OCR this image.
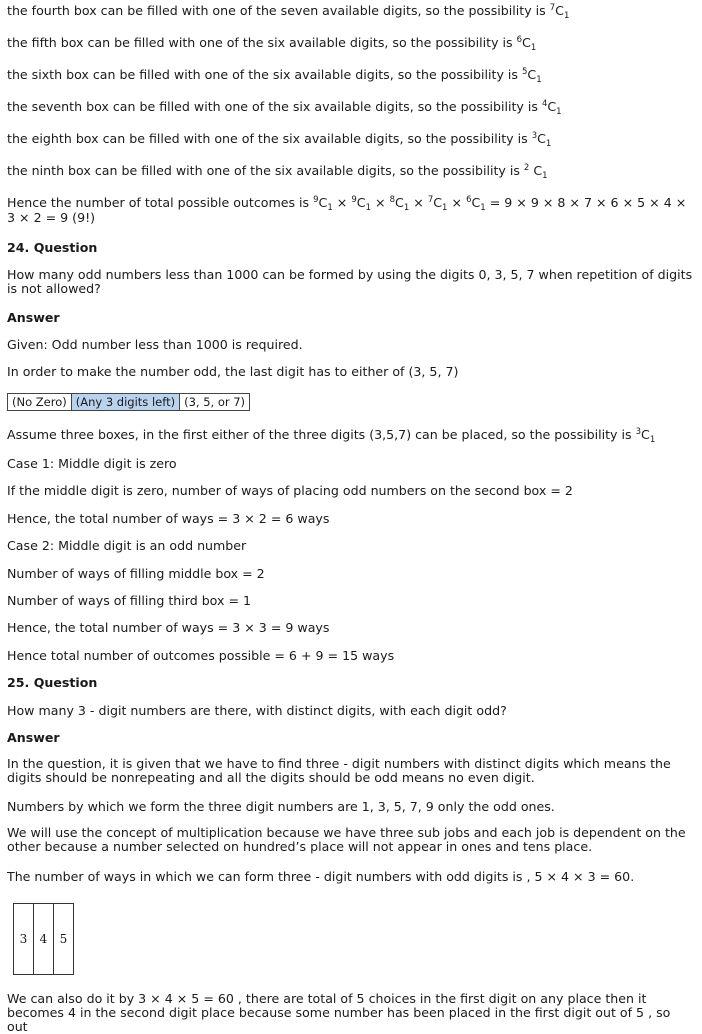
the fourth box can be filled with one of the seven available digits, so the possibility is $^7C_1$
the fifth box can be filled with one of the six available digits, so the possibility is $^6C_1$
the sixth box can be filled with one of the six available digits, so the possibility is $^5C_1$
the seventh box can be filled with one of the six available digits, so the possibility is $^4C_1$
the eighth box can be filled with one of the six available digits, so the possibility is $^3C_1$
the ninth box can be filled with one of the six available digits, so the possibility is $^2$ $C_1$
Hence the number of total possible outcomes is $^9C_1 \times ^9C_1 \times ^8C_1 \times ^7C_1 \times ^6C_1 = 9 \times 9 \times 8 \times 7 \times 6 \times 5 \times 4 \times 3 \times 2 = 9$ (9!)
24. Question
How many odd numbers less than 1000 can be formed by using the digits 0, 3, 5, 7 when repetition of digits is not allowed?
Answer
Given: Odd number less than 1000 is required.
In order to make the number odd, the last digit has to either of (3, 5, 7)
(No Zero) (Any 3 digits left) (3, 5, or 7)
Assume three boxes, in the first either of the three digits (3,5,7) can be placed, so the possibility is $^3C_1$
Case 1: Middle digit is zero
If the middle digit is zero, number of ways of placing odd numbers on the second box = 2
Hence, the total number of ways = 3 × 2 = 6 ways
Case 2: Middle digit is an odd number
Number of ways of filling middle box = 2
Number of ways of filling third box = 1
Hence, the total number of ways = 3 × 3 = 9 ways
Hence total number of outcomes possible = 6 + 9 = 15 ways
25. Question
How many 3 - digit numbers are there, with distinct digits, with each digit odd?
Answer
In the question, it is given that we have to find three - digit numbers with distinct digits which means the digits should be nonrepeating and all the digits should be odd means no even digit.
Numbers by which we form the three digit numbers are 1, 3, 5, 7, 9 only the odd ones.
We will use the concept of multiplication because we have three sub jobs and each job is dependent on the other because a number selected on hundred’s place will not appear in ones and tens place.
The number of ways in which we can form three - digit numbers with odd digits is , 5 × 4 × 3 = 60.
3	4	5
We can also do it by 3 × 4 × 5 = 60 , there are total of 5 choices in the first digit on any place then it becomes 4 in the second digit place because some number has been placed in the first digit out of 5 , so out
